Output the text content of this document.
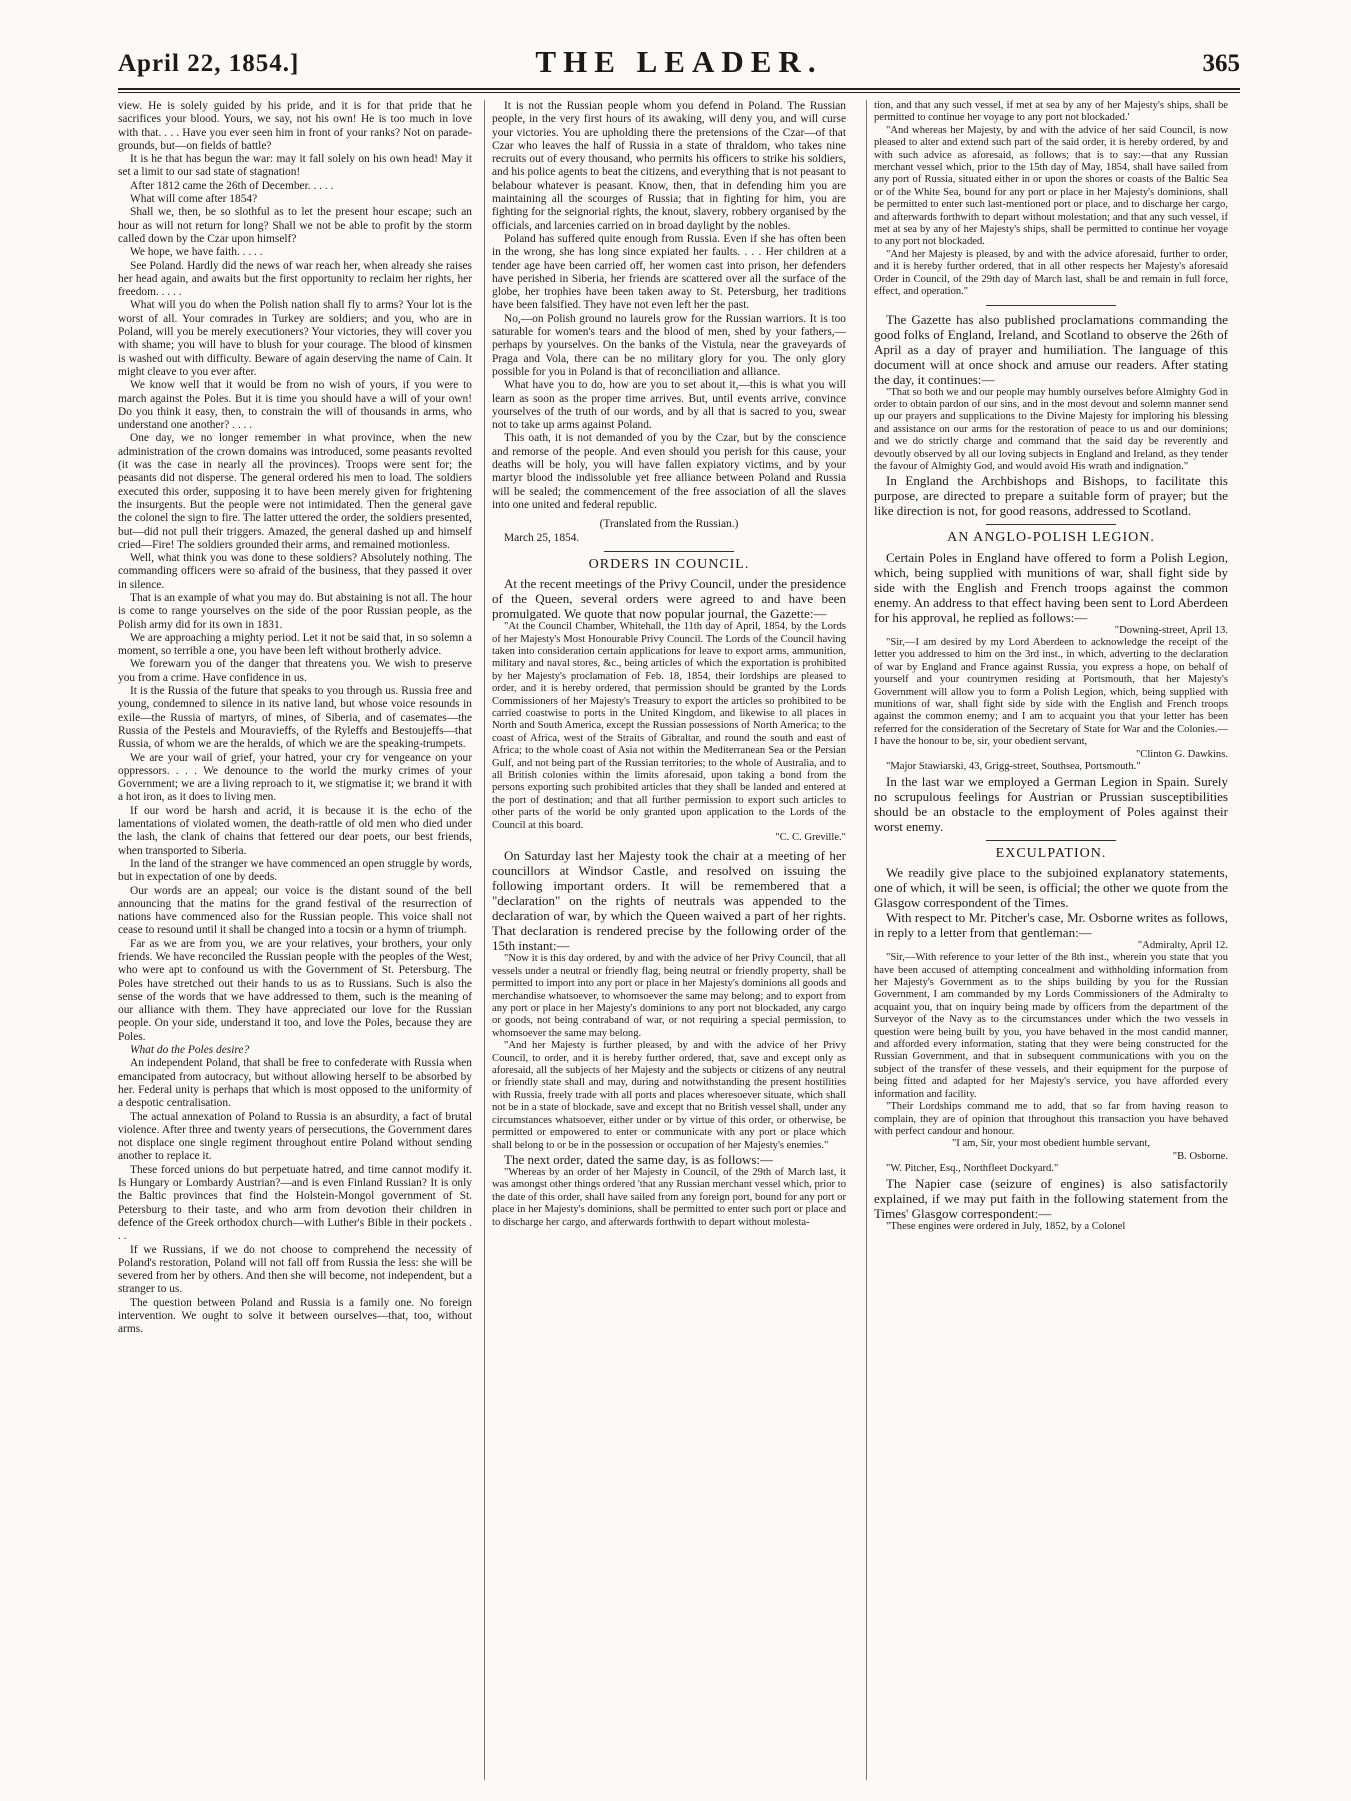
April 22, 1854.]	THE LEADER.	365

view. He is solely guided by his pride, and it is for that pride that he sacrifices your blood. Yours, we say, not his own! He is too much in love with that. . . . Have you ever seen him in front of your ranks? Not on parade-grounds, but—on fields of battle?

It is he that has begun the war: may it fall solely on his own head! May it set a limit to our sad state of stagnation!

After 1812 came the 26th of December. . . . .

What will come after 1854?

Shall we, then, be so slothful as to let the present hour escape; such an hour as will not return for long? Shall we not be able to profit by the storm called down by the Czar upon himself?

We hope, we have faith. . . . .

See Poland. Hardly did the news of war reach her, when already she raises her head again, and awaits but the first opportunity to reclaim her rights, her freedom. . . . .

What will you do when the Polish nation shall fly to arms? Your lot is the worst of all. Your comrades in Turkey are soldiers; and you, who are in Poland, will you be merely executioners? Your victories, they will cover you with shame; you will have to blush for your courage. The blood of kinsmen is washed out with difficulty. Beware of again deserving the name of Cain. It might cleave to you ever after.

We know well that it would be from no wish of yours, if you were to march against the Poles. But it is time you should have a will of your own! Do you think it easy, then, to constrain the will of thousands in arms, who understand one another? . . . .

One day, we no longer remember in what province, when the new administration of the crown domains was introduced, some peasants revolted (it was the case in nearly all the provinces). Troops were sent for; the peasants did not disperse. The general ordered his men to load. The soldiers executed this order, supposing it to have been merely given for frightening the insurgents. But the people were not intimidated. Then the general gave the colonel the sign to fire. The latter uttered the order, the soldiers presented, but—did not pull their triggers. Amazed, the general dashed up and himself cried—Fire! The soldiers grounded their arms, and remained motionless.

Well, what think you was done to these soldiers? Absolutely nothing. The commanding officers were so afraid of the business, that they passed it over in silence.

That is an example of what you may do. But abstaining is not all. The hour is come to range yourselves on the side of the poor Russian people, as the Polish army did for its own in 1831.

We are approaching a mighty period. Let it not be said that, in so solemn a moment, so terrible a one, you have been left without brotherly advice.

We forewarn you of the danger that threatens you. We wish to preserve you from a crime. Have confidence in us.

It is the Russia of the future that speaks to you through us. Russia free and young, condemned to silence in its native land, but whose voice resounds in exile—the Russia of martyrs, of mines, of Siberia, and of casemates—the Russia of the Pestels and Mouravieffs, of the Ryleffs and Bestoujeffs—that Russia, of whom we are the heralds, of which we are the speaking-trumpets.

We are your wail of grief, your hatred, your cry for vengeance on your oppressors. . . . We denounce to the world the murky crimes of your Government; we are a living reproach to it, we stigmatise it; we brand it with a hot iron, as it does to living men.

If our word be harsh and acrid, it is because it is the echo of the lamentations of violated women, the death-rattle of old men who died under the lash, the clank of chains that fettered our dear poets, our best friends, when transported to Siberia.

In the land of the stranger we have commenced an open struggle by words, but in expectation of one by deeds.

Our words are an appeal; our voice is the distant sound of the bell announcing that the matins for the grand festival of the resurrection of nations have commenced also for the Russian people. This voice shall not cease to resound until it shall be changed into a tocsin or a hymn of triumph.

Far as we are from you, we are your relatives, your brothers, your only friends. We have reconciled the Russian people with the peoples of the West, who were apt to confound us with the Government of St. Petersburg. The Poles have stretched out their hands to us as to Russians. Such is also the sense of the words that we have addressed to them, such is the meaning of our alliance with them. They have appreciated our love for the Russian people. On your side, understand it too, and love the Poles, because they are Poles.

What do the Poles desire?

An independent Poland, that shall be free to confederate with Russia when emancipated from autocracy, but without allowing herself to be absorbed by her. Federal unity is perhaps that which is most opposed to the uniformity of a despotic centralisation.

The actual annexation of Poland to Russia is an absurdity, a fact of brutal violence. After three and twenty years of persecutions, the Government dares not displace one single regiment throughout entire Poland without sending another to replace it.

These forced unions do but perpetuate hatred, and time cannot modify it. Is Hungary or Lombardy Austrian?—and is even Finland Russian? It is only the Baltic provinces that find the Holstein-Mongol government of St. Petersburg to their taste, and who arm from devotion their children in defence of the Greek orthodox church—with Luther's Bible in their pockets . . .

If we Russians, if we do not choose to comprehend the necessity of Poland's restoration, Poland will not fall off from Russia the less: she will be severed from her by others. And then she will become, not independent, but a stranger to us.

The question between Poland and Russia is a family one. No foreign intervention. We ought to solve it between ourselves—that, too, without arms.

It is not the Russian people whom you defend in Poland. The Russian people, in the very first hours of its awaking, will deny you, and will curse your victories. You are upholding there the pretensions of the Czar—of that Czar who leaves the half of Russia in a state of thraldom, who takes nine recruits out of every thousand, who permits his officers to strike his soldiers, and his police agents to beat the citizens, and everything that is not peasant to belabour whatever is peasant. Know, then, that in defending him you are maintaining all the scourges of Russia; that in fighting for him, you are fighting for the seignorial rights, the knout, slavery, robbery organised by the officials, and larcenies carried on in broad daylight by the nobles.

Poland has suffered quite enough from Russia. Even if she has often been in the wrong, she has long since expiated her faults. . . . Her children at a tender age have been carried off, her women cast into prison, her defenders have perished in Siberia, her friends are scattered over all the surface of the globe, her trophies have been taken away to St. Petersburg, her traditions have been falsified. They have not even left her the past.

No,—on Polish ground no laurels grow for the Russian warriors. It is too saturable for women's tears and the blood of men, shed by your fathers,—perhaps by yourselves. On the banks of the Vistula, near the graveyards of Praga and Vola, there can be no military glory for you. The only glory possible for you in Poland is that of reconciliation and alliance.

What have you to do, how are you to set about it,—this is what you will learn as soon as the proper time arrives. But, until events arrive, convince yourselves of the truth of our words, and by all that is sacred to you, swear not to take up arms against Poland.

This oath, it is not demanded of you by the Czar, but by the conscience and remorse of the people. And even should you perish for this cause, your deaths will be holy, you will have fallen expiatory victims, and by your martyr blood the indissoluble yet free alliance between Poland and Russia will be sealed; the commencement of the free association of all the slaves into one united and federal republic.

(Translated from the Russian.)

March 25, 1854.

ORDERS IN COUNCIL.

At the recent meetings of the Privy Council, under the presidence of the Queen, several orders were agreed to and have been promulgated. We quote that now popular journal, the Gazette:—

"At the Council Chamber, Whitehall, the 11th day of April, 1854, by the Lords of her Majesty's Most Honourable Privy Council. The Lords of the Council having taken into consideration certain applications for leave to export arms, ammunition, military and naval stores, &c., being articles of which the exportation is prohibited by her Majesty's proclamation of Feb. 18, 1854, their lordships are pleased to order, and it is hereby ordered, that permission should be granted by the Lords Commissioners of her Majesty's Treasury to export the articles so prohibited to be carried coastwise to ports in the United Kingdom, and likewise to all places in North and South America, except the Russian possessions of North America; to the coast of Africa, west of the Straits of Gibraltar, and round the south and east of Africa; to the whole coast of Asia not within the Mediterranean Sea or the Persian Gulf, and not being part of the Russian territories; to the whole of Australia, and to all British colonies within the limits aforesaid, upon taking a bond from the persons exporting such prohibited articles that they shall be landed and entered at the port of destination; and that all further permission to export such articles to other parts of the world be only granted upon application to the Lords of the Council at this board.

"C. C. Greville."

On Saturday last her Majesty took the chair at a meeting of her councillors at Windsor Castle, and resolved on issuing the following important orders. It will be remembered that a "declaration" on the rights of neutrals was appended to the declaration of war, by which the Queen waived a part of her rights. That declaration is rendered precise by the following order of the 15th instant:—

"Now it is this day ordered, by and with the advice of her Privy Council, that all vessels under a neutral or friendly flag, being neutral or friendly property, shall be permitted to import into any port or place in her Majesty's dominions all goods and merchandise whatsoever, to whomsoever the same may belong; and to export from any port or place in her Majesty's dominions to any port not blockaded, any cargo or goods, not being contraband of war, or not requiring a special permission, to whomsoever the same may belong.

"And her Majesty is further pleased, by and with the advice of her Privy Council, to order, and it is hereby further ordered, that, save and except only as aforesaid, all the subjects of her Majesty and the subjects or citizens of any neutral or friendly state shall and may, during and notwithstanding the present hostilities with Russia, freely trade with all ports and places wheresoever situate, which shall not be in a state of blockade, save and except that no British vessel shall, under any circumstances whatsoever, either under or by virtue of this order, or otherwise, be permitted or empowered to enter or communicate with any port or place which shall belong to or be in the possession or occupation of her Majesty's enemies."

The next order, dated the same day, is as follows:—

"Whereas by an order of her Majesty in Council, of the 29th of March last, it was amongst other things ordered 'that any Russian merchant vessel which, prior to the date of this order, shall have sailed from any foreign port, bound for any port or place in her Majesty's dominions, shall be permitted to enter such port or place and to discharge her cargo, and afterwards forthwith to depart without molesta-

tion, and that any such vessel, if met at sea by any of her Majesty's ships, shall be permitted to continue her voyage to any port not blockaded.'

"And whereas her Majesty, by and with the advice of her said Council, is now pleased to alter and extend such part of the said order, it is hereby ordered, by and with such advice as aforesaid, as follows; that is to say:—that any Russian merchant vessel which, prior to the 15th day of May, 1854, shall have sailed from any port of Russia, situated either in or upon the shores or coasts of the Baltic Sea or of the White Sea, bound for any port or place in her Majesty's dominions, shall be permitted to enter such last-mentioned port or place, and to discharge her cargo, and afterwards forthwith to depart without molestation; and that any such vessel, if met at sea by any of her Majesty's ships, shall be permitted to continue her voyage to any port not blockaded.

"And her Majesty is pleased, by and with the advice aforesaid, further to order, and it is hereby further ordered, that in all other respects her Majesty's aforesaid Order in Council, of the 29th day of March last, shall be and remain in full force, effect, and operation."

The Gazette has also published proclamations commanding the good folks of England, Ireland, and Scotland to observe the 26th of April as a day of prayer and humiliation. The language of this document will at once shock and amuse our readers. After stating the day, it continues:—

"That so both we and our people may humbly ourselves before Almighty God in order to obtain pardon of our sins, and in the most devout and solemn manner send up our prayers and supplications to the Divine Majesty for imploring his blessing and assistance on our arms for the restoration of peace to us and our dominions; and we do strictly charge and command that the said day be reverently and devoutly observed by all our loving subjects in England and Ireland, as they tender the favour of Almighty God, and would avoid His wrath and indignation."

In England the Archbishops and Bishops, to facilitate this purpose, are directed to prepare a suitable form of prayer; but the like direction is not, for good reasons, addressed to Scotland.

AN ANGLO-POLISH LEGION.

Certain Poles in England have offered to form a Polish Legion, which, being supplied with munitions of war, shall fight side by side with the English and French troops against the common enemy. An address to that effect having been sent to Lord Aberdeen for his approval, he replied as follows:—

"Downing-street, April 13.

"Sir,—I am desired by my Lord Aberdeen to acknowledge the receipt of the letter you addressed to him on the 3rd inst., in which, adverting to the declaration of war by England and France against Russia, you express a hope, on behalf of yourself and your countrymen residing at Portsmouth, that her Majesty's Government will allow you to form a Polish Legion, which, being supplied with munitions of war, shall fight side by side with the English and French troops against the common enemy; and I am to acquaint you that your letter has been referred for the consideration of the Secretary of State for War and the Colonies.—I have the honour to be, sir, your obedient servant,

"Clinton G. Dawkins.

"Major Stawiarski, 43, Grigg-street, Southsea, Portsmouth."

In the last war we employed a German Legion in Spain. Surely no scrupulous feelings for Austrian or Prussian susceptibilities should be an obstacle to the employment of Poles against their worst enemy.

EXCULPATION.

We readily give place to the subjoined explanatory statements, one of which, it will be seen, is official; the other we quote from the Glasgow correspondent of the Times.

With respect to Mr. Pitcher's case, Mr. Osborne writes as follows, in reply to a letter from that gentleman:—

"Admiralty, April 12.

"Sir,—With reference to your letter of the 8th inst., wherein you state that you have been accused of attempting concealment and withholding information from her Majesty's Government as to the ships building by you for the Russian Government, I am commanded by my Lords Commissioners of the Admiralty to acquaint you, that on inquiry being made by officers from the department of the Surveyor of the Navy as to the circumstances under which the two vessels in question were being built by you, you have behaved in the most candid manner, and afforded every information, stating that they were being constructed for the Russian Government, and that in subsequent communications with you on the subject of the transfer of these vessels, and their equipment for the purpose of being fitted and adapted for her Majesty's service, you have afforded every information and facility.

"Their Lordships command me to add, that so far from having reason to complain, they are of opinion that throughout this transaction you have behaved with perfect candour and honour.

"I am, Sir, your most obedient humble servant,

"B. Osborne.

"W. Pitcher, Esq., Northfleet Dockyard."

The Napier case (seizure of engines) is also satisfactorily explained, if we may put faith in the following statement from the Times' Glasgow correspondent:—

"These engines were ordered in July, 1852, by a Colonel
